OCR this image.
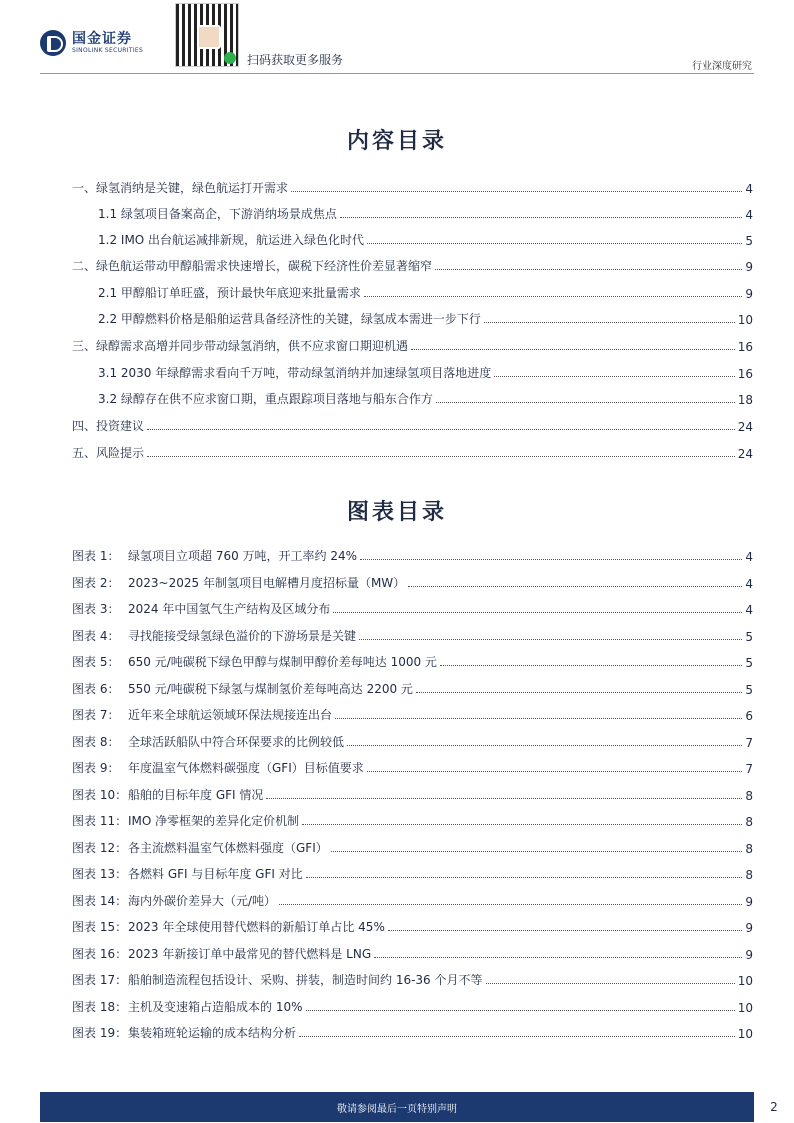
国金证券
SINOLINK SECURITIES
扫码获取更多服务	行业深度研究
内容目录
一、绿氢消纳是关键，绿色航运打开需求	4
1.1 绿氢项目备案高企，下游消纳场景成焦点	4
1.2 IMO 出台航运减排新规，航运进入绿色化时代	5
二、绿色航运带动甲醇船需求快速增长，碳税下经济性价差显著缩窄	9
2.1 甲醇船订单旺盛，预计最快年底迎来批量需求	9
2.2 甲醇燃料价格是船舶运营具备经济性的关键，绿氢成本需进一步下行	10
三、绿醇需求高增并同步带动绿氢消纳，供不应求窗口期迎机遇	16
3.1 2030 年绿醇需求看向千万吨，带动绿氢消纳并加速绿氢项目落地进度	16
3.2 绿醇存在供不应求窗口期，重点跟踪项目落地与船东合作方	18
四、投资建议	24
五、风险提示	24
图表目录
图表 1： 绿氢项目立项超 760 万吨，开工率约 24%	4
图表 2： 2023~2025 年制氢项目电解槽月度招标量（MW）	4
图表 3： 2024 年中国氢气生产结构及区域分布	4
图表 4： 寻找能接受绿氢绿色溢价的下游场景是关键	5
图表 5： 650 元/吨碳税下绿色甲醇与煤制甲醇价差每吨达 1000 元	5
图表 6： 550 元/吨碳税下绿氢与煤制氢价差每吨高达 2200 元	5
图表 7： 近年来全球航运领域环保法规接连出台	6
图表 8： 全球活跃船队中符合环保要求的比例较低	7
图表 9： 年度温室气体燃料碳强度（GFI）目标值要求	7
图表 10： 船舶的目标年度 GFI 情况	8
图表 11： IMO 净零框架的差异化定价机制	8
图表 12： 各主流燃料温室气体燃料强度（GFI）	8
图表 13： 各燃料 GFI 与目标年度 GFI 对比	8
图表 14： 海内外碳价差异大（元/吨）	9
图表 15： 2023 年全球使用替代燃料的新船订单占比 45%	9
图表 16： 2023 年新接订单中最常见的替代燃料是 LNG	9
图表 17： 船舶制造流程包括设计、采购、拼装，制造时间约 16-36 个月不等	10
图表 18： 主机及变速箱占造船成本的 10%	10
图表 19： 集装箱班轮运输的成本结构分析	10
敬请参阅最后一页特别声明	2
